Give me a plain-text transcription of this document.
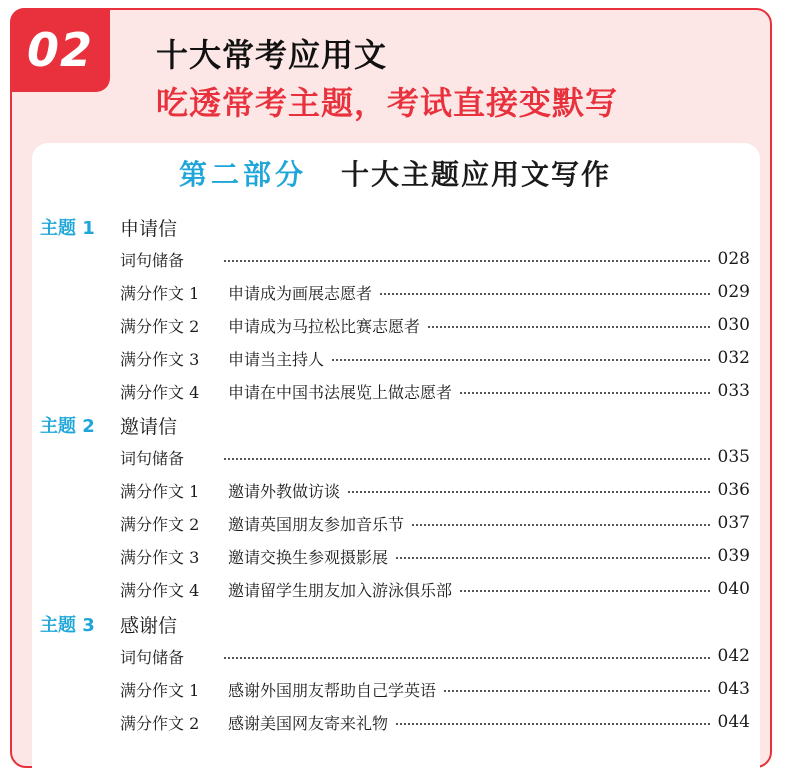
02 十大常考应用文
吃透常考主题，考试直接变默写
第二部分 十大主题应用文写作
主题 1	申请信
词句储备	028
满分作文 1	申请成为画展志愿者	029
满分作文 2	申请成为马拉松比赛志愿者	030
满分作文 3	申请当主持人	032
满分作文 4	申请在中国书法展览上做志愿者	033
主题 2	邀请信
词句储备	035
满分作文 1	邀请外教做访谈	036
满分作文 2	邀请英国朋友参加音乐节	037
满分作文 3	邀请交换生参观摄影展	039
满分作文 4	邀请留学生朋友加入游泳俱乐部	040
主题 3	感谢信
词句储备	042
满分作文 1	感谢外国朋友帮助自己学英语	043
满分作文 2	感谢美国网友寄来礼物	044
